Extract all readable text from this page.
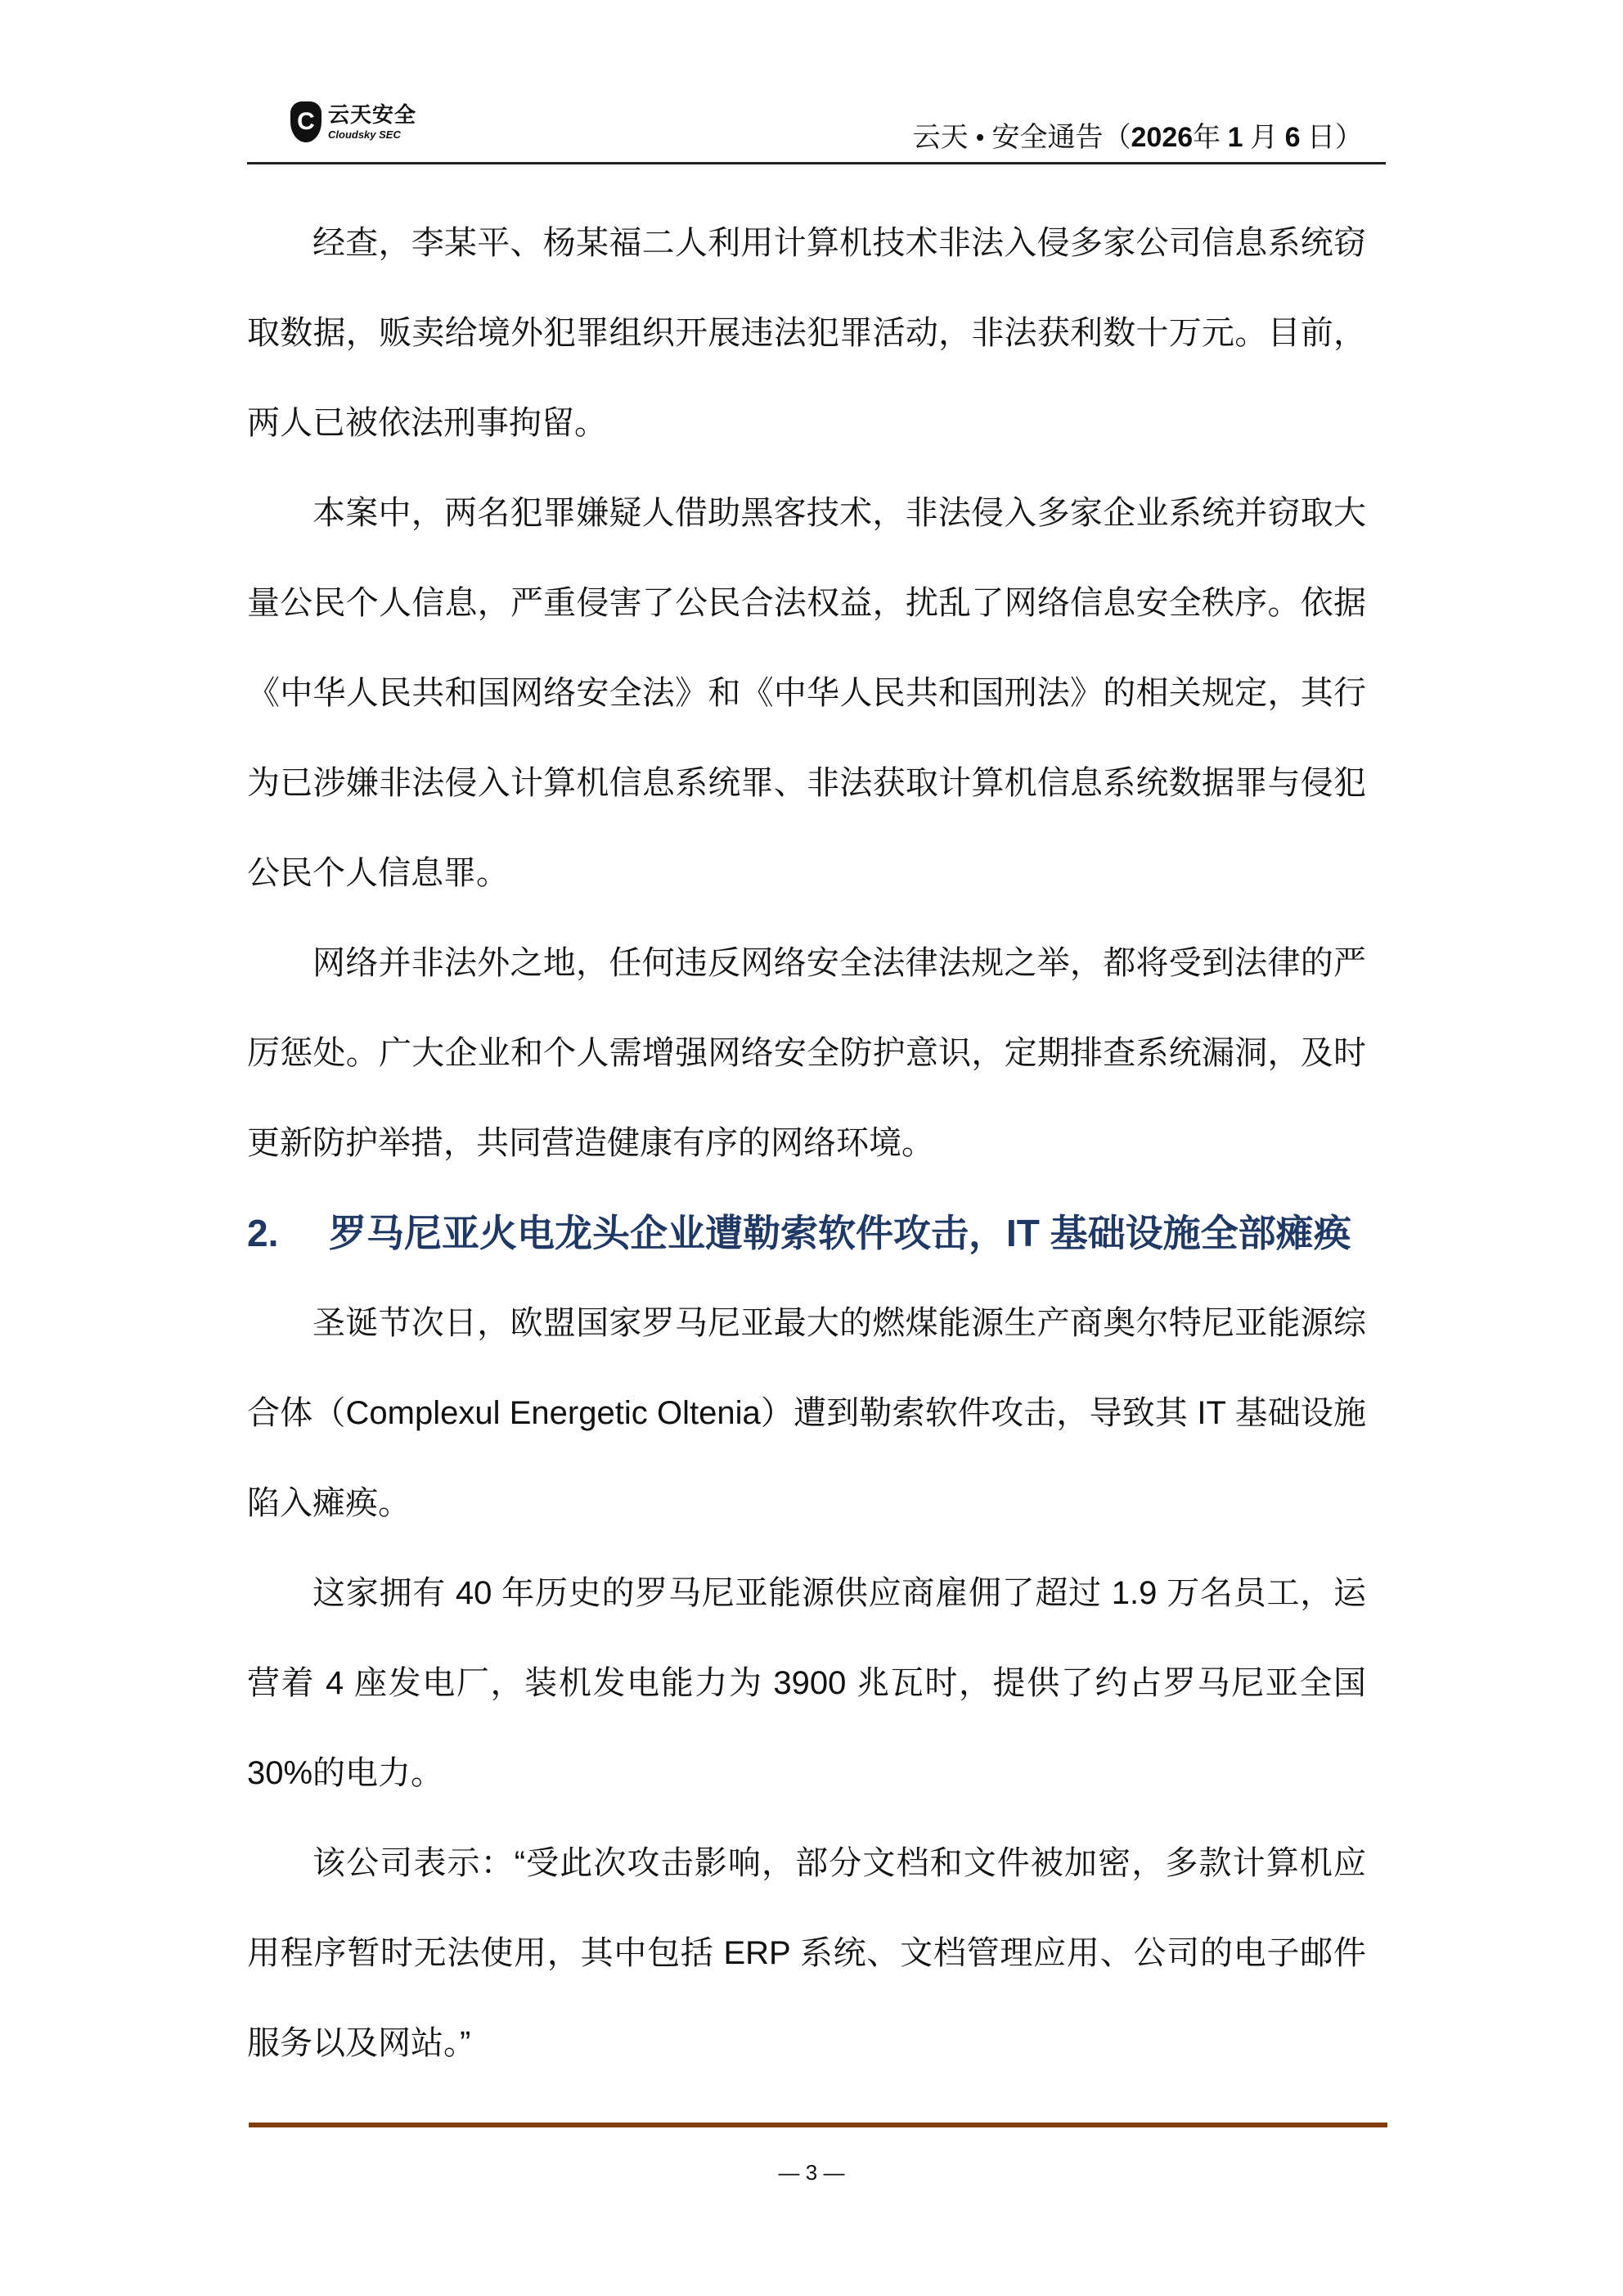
C 云天安全
Cloudsky SEC	云天 • 安全通告（2026年 1 月 6 日）

经查，李某平、杨某福二人利用计算机技术非法入侵多家公司信息系统窃取数据，贩卖给境外犯罪组织开展违法犯罪活动，非法获利数十万元。目前，两人已被依法刑事拘留。

本案中，两名犯罪嫌疑人借助黑客技术，非法侵入多家企业系统并窃取大量公民个人信息，严重侵害了公民合法权益，扰乱了网络信息安全秩序。依据《中华人民共和国网络安全法》和《中华人民共和国刑法》的相关规定，其行为已涉嫌非法侵入计算机信息系统罪、非法获取计算机信息系统数据罪与侵犯公民个人信息罪。

网络并非法外之地，任何违反网络安全法律法规之举，都将受到法律的严厉惩处。广大企业和个人需增强网络安全防护意识，定期排查系统漏洞，及时更新防护举措，共同营造健康有序的网络环境。

2. 罗马尼亚火电龙头企业遭勒索软件攻击，IT 基础设施全部瘫痪

圣诞节次日，欧盟国家罗马尼亚最大的燃煤能源生产商奥尔特尼亚能源综合体（Complexul Energetic Oltenia）遭到勒索软件攻击，导致其 IT 基础设施陷入瘫痪。

这家拥有 40 年历史的罗马尼亚能源供应商雇佣了超过 1.9 万名员工，运营着 4 座发电厂，装机发电能力为 3900 兆瓦时，提供了约占罗马尼亚全国 30%的电力。

该公司表示：“受此次攻击影响，部分文档和文件被加密，多款计算机应用程序暂时无法使用，其中包括 ERP 系统、文档管理应用、公司的电子邮件服务以及网站。”

— 3 —
